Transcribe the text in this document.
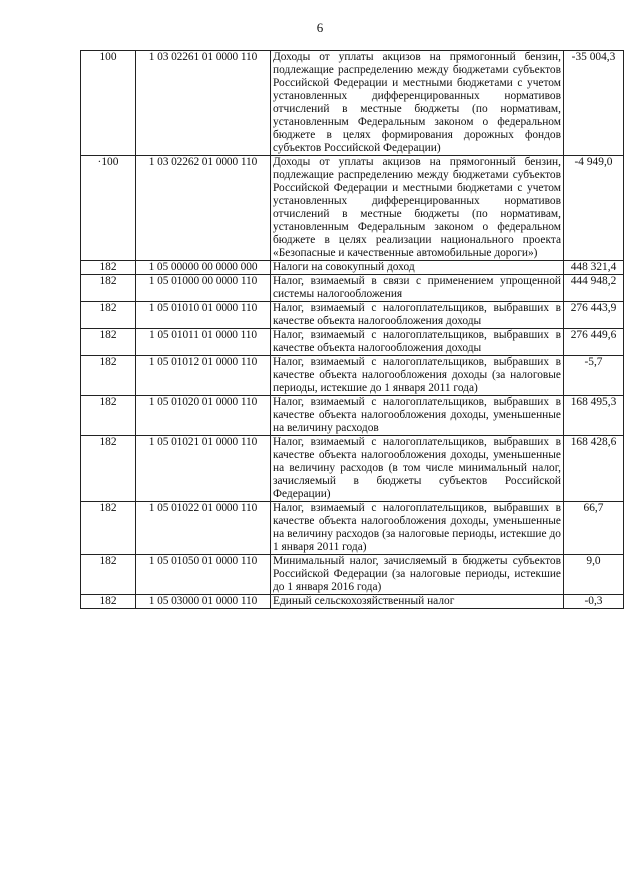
6
100	1 03 02261 01 0000 110	Доходы от уплаты акцизов на прямогонный бензин, подлежащие распределению между бюджетами субъектов Российской Федерации и местными бюджетами с учетом установленных дифференцированных нормативов отчислений в местные бюджеты (по нормативам, установленным Федеральным законом о федеральном бюджете в целях формирования дорожных фондов субъектов Российской Федерации)	-35 004,3
·100	1 03 02262 01 0000 110	Доходы от уплаты акцизов на прямогонный бензин, подлежащие распределению между бюджетами субъектов Российской Федерации и местными бюджетами с учетом установленных дифференцированных нормативов отчислений в местные бюджеты (по нормативам, установленным Федеральным законом о федеральном бюджете в целях реализации национального проекта «Безопасные и качественные автомобильные дороги»)	-4 949,0
182	1 05 00000 00 0000 000	Налоги на совокупный доход	448 321,4
182	1 05 01000 00 0000 110	Налог, взимаемый в связи с применением упрощенной системы налогообложения	444 948,2
182	1 05 01010 01 0000 110	Налог, взимаемый с налогоплательщиков, выбравших в качестве объекта налогообложения доходы	276 443,9
182	1 05 01011 01 0000 110	Налог, взимаемый с налогоплательщиков, выбравших в качестве объекта налогообложения доходы	276 449,6
182	1 05 01012 01 0000 110	Налог, взимаемый с налогоплательщиков, выбравших в качестве объекта налогообложения доходы (за налоговые периоды, истекшие до 1 января 2011 года)	-5,7
182	1 05 01020 01 0000 110	Налог, взимаемый с налогоплательщиков, выбравших в качестве объекта налогообложения доходы, уменьшенные на величину расходов	168 495,3
182	1 05 01021 01 0000 110	Налог, взимаемый с налогоплательщиков, выбравших в качестве объекта налогообложения доходы, уменьшенные на величину расходов (в том числе минимальный налог, зачисляемый в бюджеты субъектов Российской Федерации)	168 428,6
182	1 05 01022 01 0000 110	Налог, взимаемый с налогоплательщиков, выбравших в качестве объекта налогообложения доходы, уменьшенные на величину расходов (за налоговые периоды, истекшие до 1 января 2011 года)	66,7
182	1 05 01050 01 0000 110	Минимальный налог, зачисляемый в бюджеты субъектов Российской Федерации (за налоговые периоды, истекшие до 1 января 2016 года)	9,0
182	1 05 03000 01 0000 110	Единый сельскохозяйственный налог	-0,3
